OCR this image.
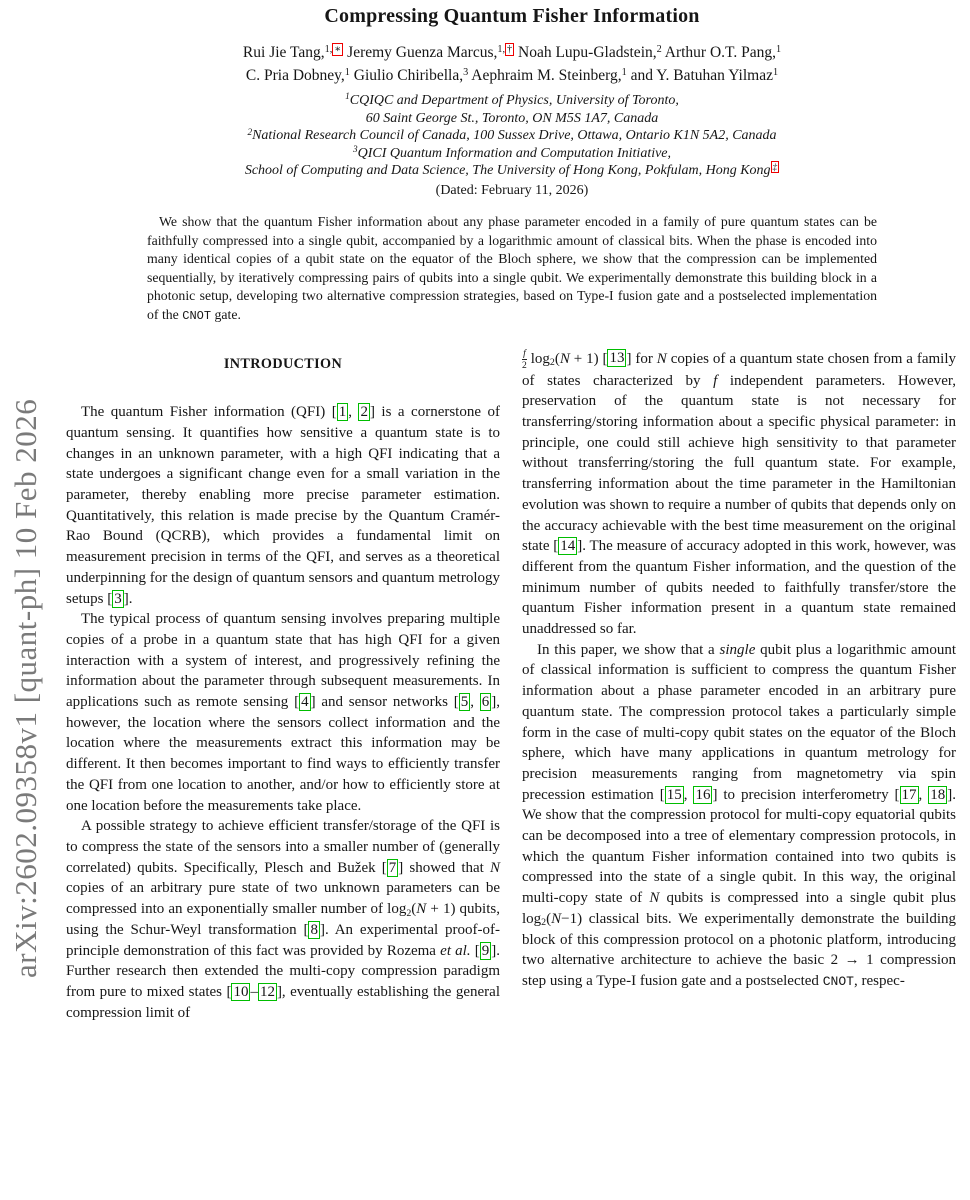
arXiv:2602.09358v1 [quant-ph] 10 Feb 2026
Compressing Quantum Fisher Information
Rui Jie Tang,$^{1,}$ ∗ Jeremy Guenza Marcus,$^{1,}$ † Noah Lupu-Gladstein,$^2$ Arthur O.T. Pang,$^1$
C. Pria Dobney,$^1$ Giulio Chiribella,$^3$ Aephraim M. Steinberg,$^1$ and Y. Batuhan Yilmaz$^1$
$^1$CQIQC and Department of Physics, University of Toronto,
60 Saint George St., Toronto, ON M5S 1A7, Canada
$^2$National Research Council of Canada, 100 Sussex Drive, Ottawa, Ontario K1N 5A2, Canada
$^3$QICI Quantum Information and Computation Initiative,
School of Computing and Data Science, The University of Hong Kong, Pokfulam, Hong Kong ‡
(Dated: February 11, 2026)
We show that the quantum Fisher information about any phase parameter encoded in a family of pure quantum states can be faithfully compressed into a single qubit, accompanied by a logarithmic amount of classical bits. When the phase is encoded into many identical copies of a qubit state on the equator of the Bloch sphere, we show that the compression can be implemented sequentially, by iteratively compressing pairs of qubits into a single qubit. We experimentally demonstrate this building block in a photonic setup, developing two alternative compression strategies, based on Type-I fusion gate and a postselected implementation of the CNOT gate.
INTRODUCTION

The quantum Fisher information (QFI) [ 1 , 2 ] is a cornerstone of quantum sensing. It quantifies how sensitive a quantum state is to changes in an unknown parameter, with a high QFI indicating that a state undergoes a significant change even for a small variation in the parameter, thereby enabling more precise parameter estimation. Quantitatively, this relation is made precise by the Quantum Cramér-Rao Bound (QCRB), which provides a fundamental limit on measurement precision in terms of the QFI, and serves as a theoretical underpinning for the design of quantum sensors and quantum metrology setups [ 3 ].

The typical process of quantum sensing involves preparing multiple copies of a probe in a quantum state that has high QFI for a given interaction with a system of interest, and progressively refining the information about the parameter through subsequent measurements. In applications such as remote sensing [ 4 ] and sensor networks [ 5 , 6 ], however, the location where the sensors collect information and the location where the measurements extract this information may be different. It then becomes important to find ways to efficiently transfer the QFI from one location to another, and/or how to efficiently store at one location before the measurements take place.

A possible strategy to achieve efficient transfer/storage of the QFI is to compress the state of the sensors into a smaller number of (generally correlated) qubits. Specifically, Plesch and Bužek [ 7 ] showed that N copies of an arbitrary pure state of two unknown parameters can be compressed into an exponentially smaller number of log2(N + 1) qubits, using the Schur-Weyl transformation [ 8 ]. An experimental proof-of-principle demonstration of this fact was provided by Rozema et al. [ 9 ]. Further research then extended the multi-copy compression paradigm from pure to mixed states [ 10 – 12 ], eventually establishing the general compression limit of

$\frac{f}{2} \log 2(N + 1)$ [ 13 ] for N copies of a quantum state chosen from a family of states characterized by f independent parameters. However, preservation of the quantum state is not necessary for transferring/storing information about a specific physical parameter: in principle, one could still achieve high sensitivity to that parameter without transferring/storing the full quantum state. For example, transferring information about the time parameter in the Hamiltonian evolution was shown to require a number of qubits that depends only on the accuracy achievable with the best time measurement on the original state [ 14 ]. The measure of accuracy adopted in this work, however, was different from the quantum Fisher information, and the question of the minimum number of qubits needed to faithfully transfer/store the quantum Fisher information present in a quantum state remained unaddressed so far.

In this paper, we show that a single qubit plus a logarithmic amount of classical information is sufficient to compress the quantum Fisher information about a phase parameter encoded in an arbitrary pure quantum state. The compression protocol takes a particularly simple form in the case of multi-copy qubit states on the equator of the Bloch sphere, which have many applications in quantum metrology for precision measurements ranging from magnetometry via spin precession estimation [ 15 , 16 ] to precision interferometry [ 17 , 18 ]. We show that the compression protocol for multi-copy equatorial qubits can be decomposed into a tree of elementary compression protocols, in which the quantum Fisher information contained into two qubits is compressed into the state of a single qubit. In this way, the original multi-copy state of N qubits is compressed into a single qubit plus log2(N−1) classical bits. We experimentally demonstrate the building block of this compression protocol on a photonic platform, introducing two alternative architecture to achieve the basic 2 → 1 compression step using a Type-I fusion gate and a postselected CNOT, respec-
